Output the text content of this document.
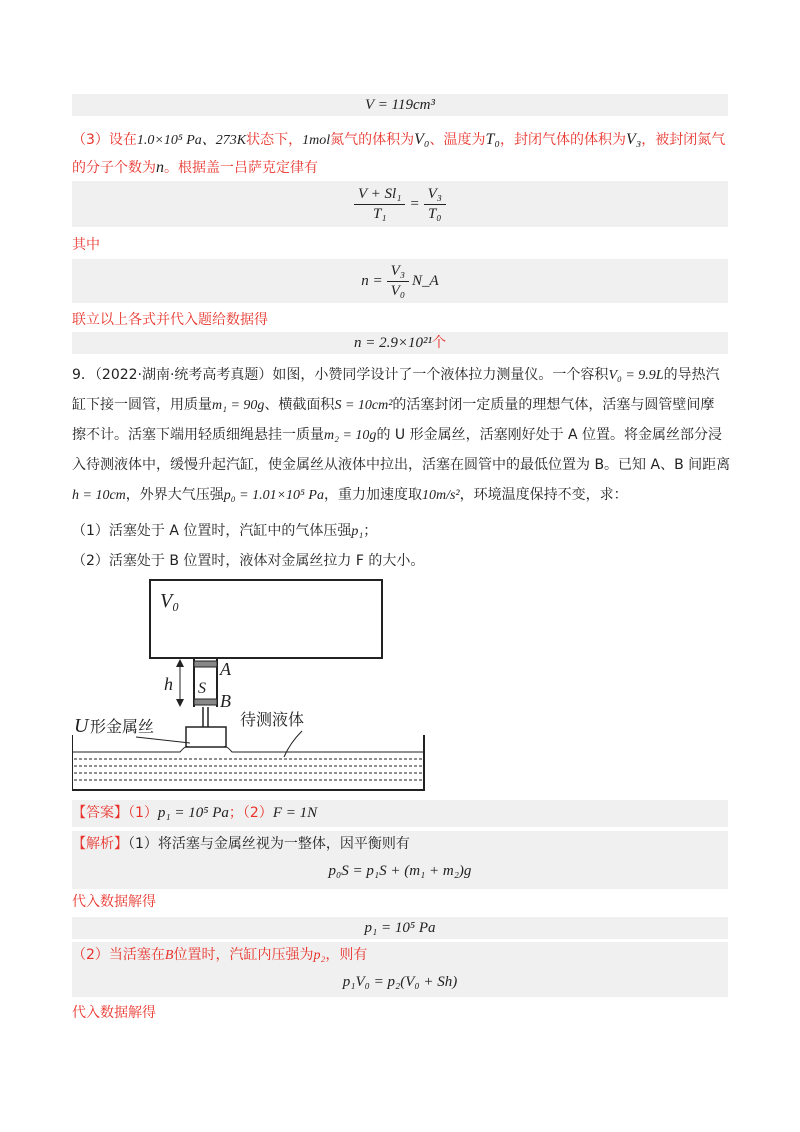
V = 119cm³
（3）设在1.0×10⁵ Pa、273K状态下，1mol氮气的体积为V₀、温度为T₀，封闭气体的体积为V₃，被封闭氮气
的分子个数为n。根据盖一吕萨克定律有
$\frac{\text{V + Sl₁}}{\text{T₁}} = \frac{\text{V₃}}{\text{T₀}}$
其中
$n = \frac{\text{V₃}}{\text{V₀}}$ N_A
联立以上各式并代入题给数据得
n = 2.9×10²¹个
9．（2022·湖南·统考高考真题）如图，小赞同学设计了一个液体拉力测量仪。一个容积V₀ = 9.9L的导热汽
缸下接一圆管，用质量m₁ = 90g、横截面积S = 10cm²的活塞封闭一定质量的理想气体，活塞与圆管壁间摩
擦不计。活塞下端用轻质细绳悬挂一质量m₂ = 10g的 U 形金属丝，活塞刚好处于 A 位置。将金属丝部分浸
入待测液体中，缓慢升起汽缸，使金属丝从液体中拉出，活塞在圆管中的最低位置为 B。已知 A、B 间距离
h = 10cm，外界大气压强p₀ = 1.01×10⁵ Pa，重力加速度取10m/s²，环境温度保持不变，求：
（1）活塞处于 A 位置时，汽缸中的气体压强p₁；
（2）活塞处于 B 位置时，液体对金属丝拉力 F 的大小。
V₀
A
B
S
h
U 形金属丝	待测液体
【答案】（1）p₁ = 10⁵ Pa；（2）F = 1N
【解析】（1）将活塞与金属丝视为一整体，因平衡则有
p₀S = p₁S + (m₁ + m₂)g
代入数据解得
p₁ = 10⁵ Pa
（2）当活塞在B位置时，汽缸内压强为p₂，则有
p₁V₀ = p₂(V₀ + Sh)
代入数据解得
